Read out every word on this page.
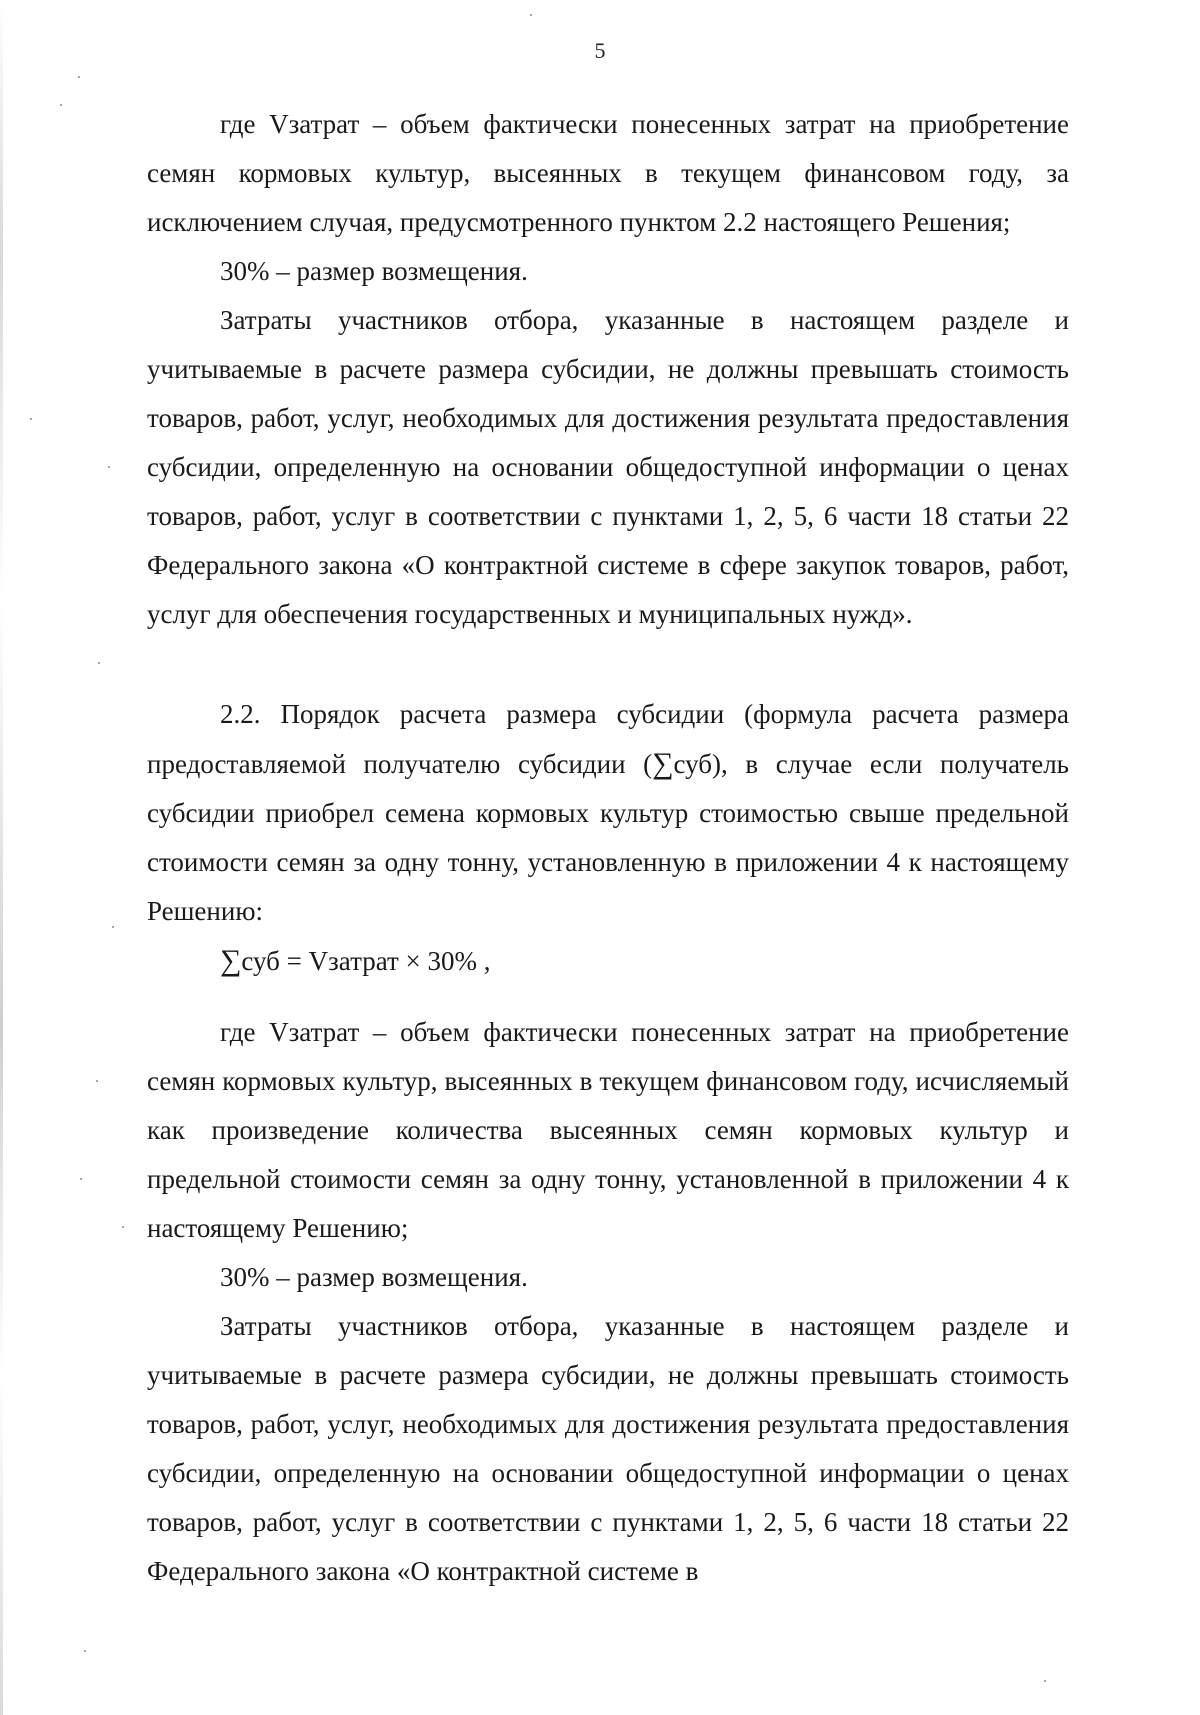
5

где Vзатрат – объем фактически понесенных затрат на приобретение семян кормовых культур, высеянных в текущем финансовом году, за исключением случая, предусмотренного пунктом 2.2 настоящего Решения;

30% – размер возмещения.

Затраты участников отбора, указанные в настоящем разделе и учитываемые в расчете размера субсидии, не должны превышать стоимость товаров, работ, услуг, необходимых для достижения результата предоставления субсидии, определенную на основании общедоступной информации о ценах товаров, работ, услуг в соответствии с пунктами 1, 2, 5, 6 части 18 статьи 22 Федерального закона «О контрактной системе в сфере закупок товаров, работ, услуг для обеспечения государственных и муниципальных нужд».

2.2. Порядок расчета размера субсидии (формула расчета размера предоставляемой получателю субсидии (∑суб), в случае если получатель субсидии приобрел семена кормовых культур стоимостью свыше предельной стоимости семян за одну тонну, установленную в приложении 4 к настоящему Решению:

∑суб = Vзатрат × 30% ,

где Vзатрат – объем фактически понесенных затрат на приобретение семян кормовых культур, высеянных в текущем финансовом году, исчисляемый как произведение количества высеянных семян кормовых культур и предельной стоимости семян за одну тонну, установленной в приложении 4 к настоящему Решению;

30% – размер возмещения.

Затраты участников отбора, указанные в настоящем разделе и учитываемые в расчете размера субсидии, не должны превышать стоимость товаров, работ, услуг, необходимых для достижения результата предоставления субсидии, определенную на основании общедоступной информации о ценах товаров, работ, услуг в соответствии с пунктами 1, 2, 5, 6 части 18 статьи 22 Федерального закона «О контрактной системе в
